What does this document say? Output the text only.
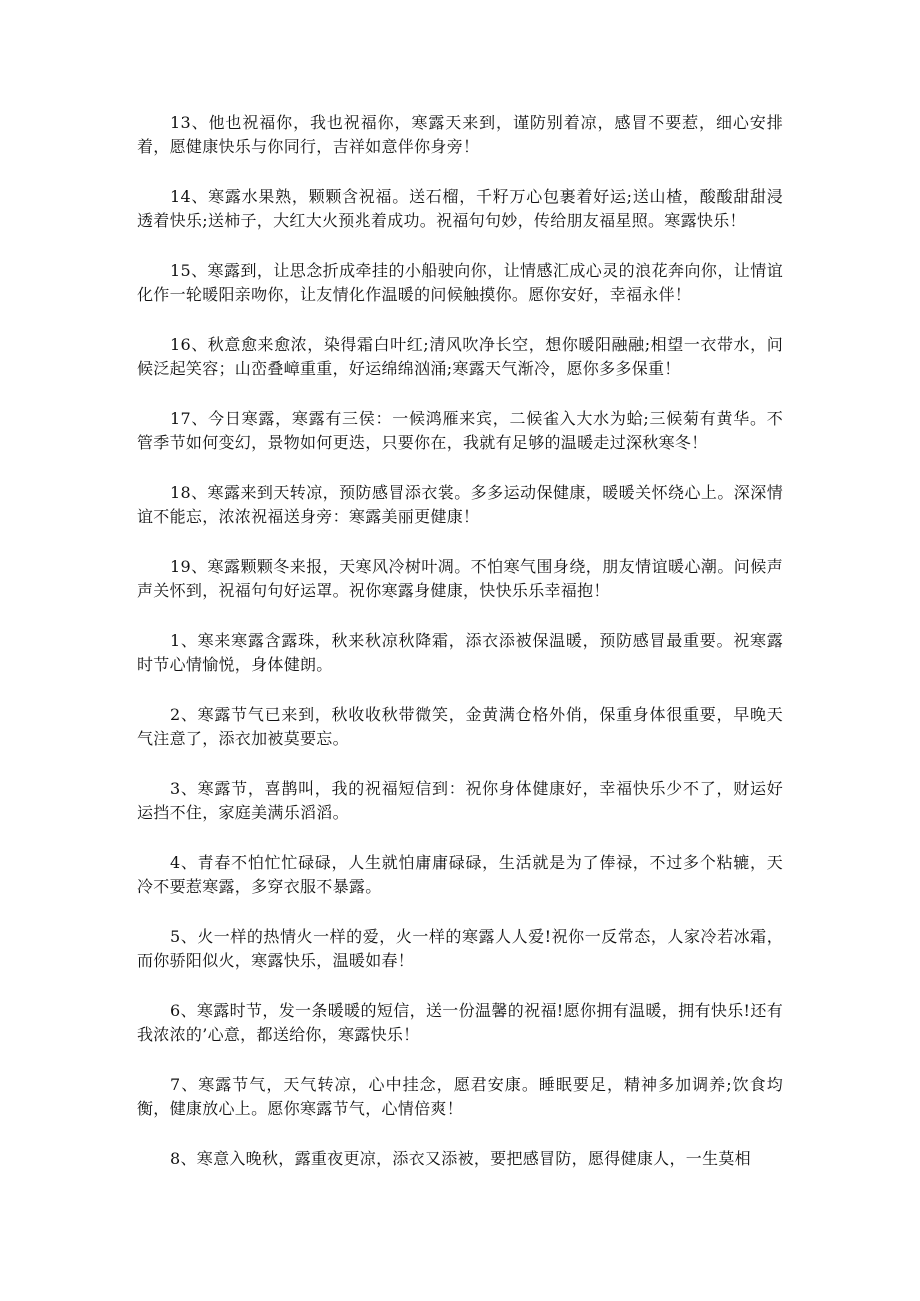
13、他也祝福你，我也祝福你，寒露天来到，谨防别着凉，感冒不要惹，细心安排着，愿健康快乐与你同行，吉祥如意伴你身旁！

14、寒露水果熟，颗颗含祝福。送石榴，千籽万心包裹着好运;送山楂，酸酸甜甜浸透着快乐;送柿子，大红大火预兆着成功。祝福句句妙，传给朋友福星照。寒露快乐！

15、寒露到，让思念折成牵挂的小船驶向你，让情感汇成心灵的浪花奔向你，让情谊化作一轮暖阳亲吻你，让友情化作温暖的问候触摸你。愿你安好，幸福永伴！

16、秋意愈来愈浓，染得霜白叶红;清风吹净长空，想你暖阳融融;相望一衣带水，问候泛起笑容；山峦叠嶂重重，好运绵绵汹涌;寒露天气渐冷，愿你多多保重！

17、今日寒露，寒露有三侯：一候鸿雁来宾，二候雀入大水为蛤;三候菊有黄华。不管季节如何变幻，景物如何更迭，只要你在，我就有足够的温暖走过深秋寒冬！

18、寒露来到天转凉，预防感冒添衣裳。多多运动保健康，暖暖关怀绕心上。深深情谊不能忘，浓浓祝福送身旁：寒露美丽更健康！

19、寒露颗颗冬来报，天寒风冷树叶凋。不怕寒气围身绕，朋友情谊暖心潮。问候声声关怀到，祝福句句好运罩。祝你寒露身健康，快快乐乐幸福抱！

1、寒来寒露含露珠，秋来秋凉秋降霜，添衣添被保温暖，预防感冒最重要。祝寒露时节心情愉悦，身体健朗。

2、寒露节气已来到，秋收收秋带微笑，金黄满仓格外俏，保重身体很重要，早晚天气注意了，添衣加被莫要忘。

3、寒露节，喜鹊叫，我的祝福短信到：祝你身体健康好，幸福快乐少不了，财运好运挡不住，家庭美满乐滔滔。

4、青春不怕忙忙碌碌，人生就怕庸庸碌碌，生活就是为了俸禄，不过多个粘辘，天冷不要惹寒露，多穿衣服不暴露。

5、火一样的热情火一样的爱，火一样的寒露人人爱!祝你一反常态，人家冷若冰霜，而你骄阳似火，寒露快乐，温暖如春！

6、寒露时节，发一条暖暖的短信，送一份温馨的祝福!愿你拥有温暖，拥有快乐!还有我浓浓的’心意，都送给你，寒露快乐！

7、寒露节气，天气转凉，心中挂念，愿君安康。睡眠要足，精神多加调养;饮食均衡，健康放心上。愿你寒露节气，心情倍爽！

8、寒意入晚秋，露重夜更凉，添衣又添被，要把感冒防，愿得健康人，一生莫相
